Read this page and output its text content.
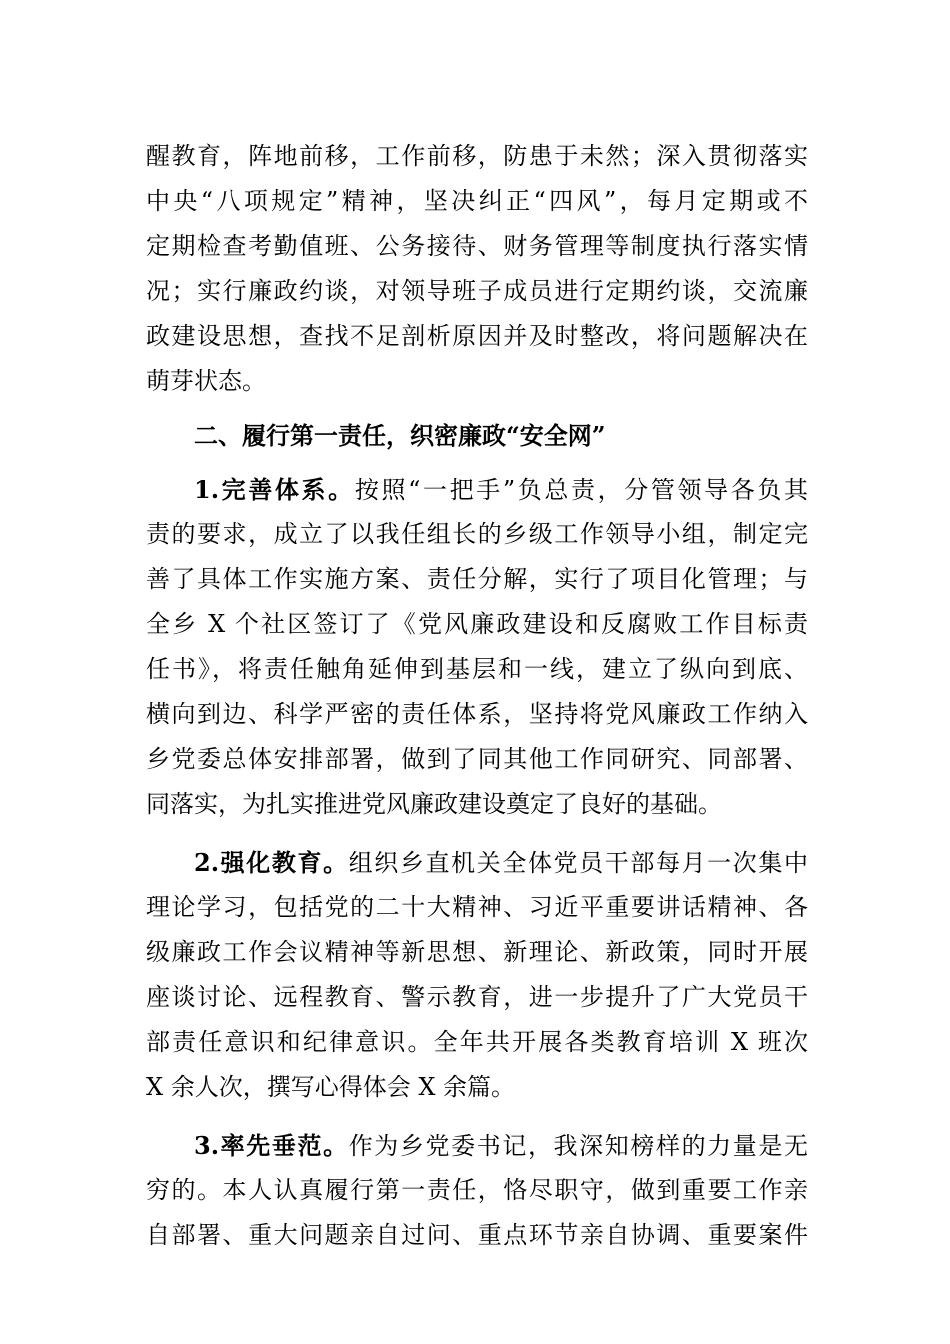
醒教育，阵地前移，工作前移，防患于未然；深入贯彻落实
中央“八项规定”精神，坚决纠正“四风”，每月定期或不
定期检查考勤值班、公务接待、财务管理等制度执行落实情
况；实行廉政约谈，对领导班子成员进行定期约谈，交流廉
政建设思想，查找不足剖析原因并及时整改，将问题解决在
萌芽状态。
二、履行第一责任，织密廉政“安全网”
1.完善体系。按照“一把手”负总责，分管领导各负其
责的要求，成立了以我任组长的乡级工作领导小组，制定完
善了具体工作实施方案、责任分解，实行了项目化管理；与
全乡 X 个社区签订了《党风廉政建设和反腐败工作目标责
任书》，将责任触角延伸到基层和一线，建立了纵向到底、
横向到边、科学严密的责任体系，坚持将党风廉政工作纳入
乡党委总体安排部署，做到了同其他工作同研究、同部署、
同落实，为扎实推进党风廉政建设奠定了良好的基础。
2.强化教育。组织乡直机关全体党员干部每月一次集中
理论学习，包括党的二十大精神、习近平重要讲话精神、各
级廉政工作会议精神等新思想、新理论、新政策，同时开展
座谈讨论、远程教育、警示教育，进一步提升了广大党员干
部责任意识和纪律意识。全年共开展各类教育培训 X 班次
X 余人次，撰写心得体会 X 余篇。
3.率先垂范。作为乡党委书记，我深知榜样的力量是无
穷的。本人认真履行第一责任，恪尽职守，做到重要工作亲
自部署、重大问题亲自过问、重点环节亲自协调、重要案件
